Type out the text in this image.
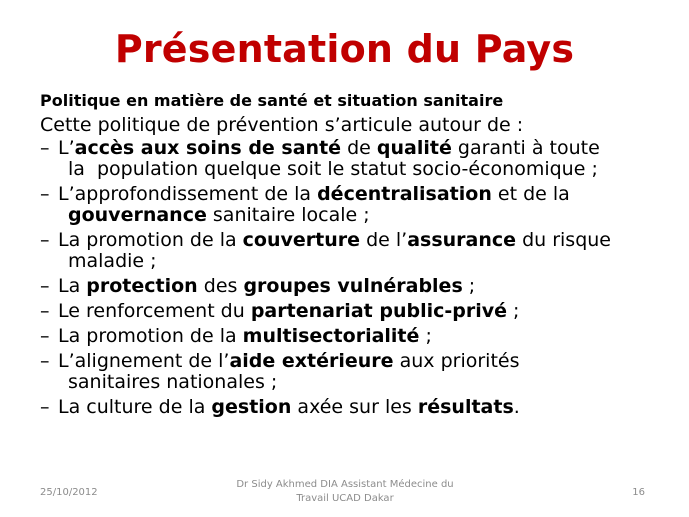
Présentation du Pays
Politique en matière de santé et situation sanitaire
Cette politique de prévention s’articule autour de :
– L’accès aux soins de santé de qualité garanti à toute
la  population quelque soit le statut socio-économique ;
– L’approfondissement de la décentralisation et de la
gouvernance sanitaire locale ;
– La promotion de la couverture de l’assurance du risque
maladie ;
– La protection des groupes vulnérables ;
– Le renforcement du partenariat public-privé ;
– La promotion de la multisectorialité ;
– L’alignement de l’aide extérieure aux priorités
sanitaires nationales ;
– La culture de la gestion axée sur les résultats.
25/10/2012
Dr Sidy Akhmed DIA Assistant Médecine du
Travail UCAD Dakar
16
